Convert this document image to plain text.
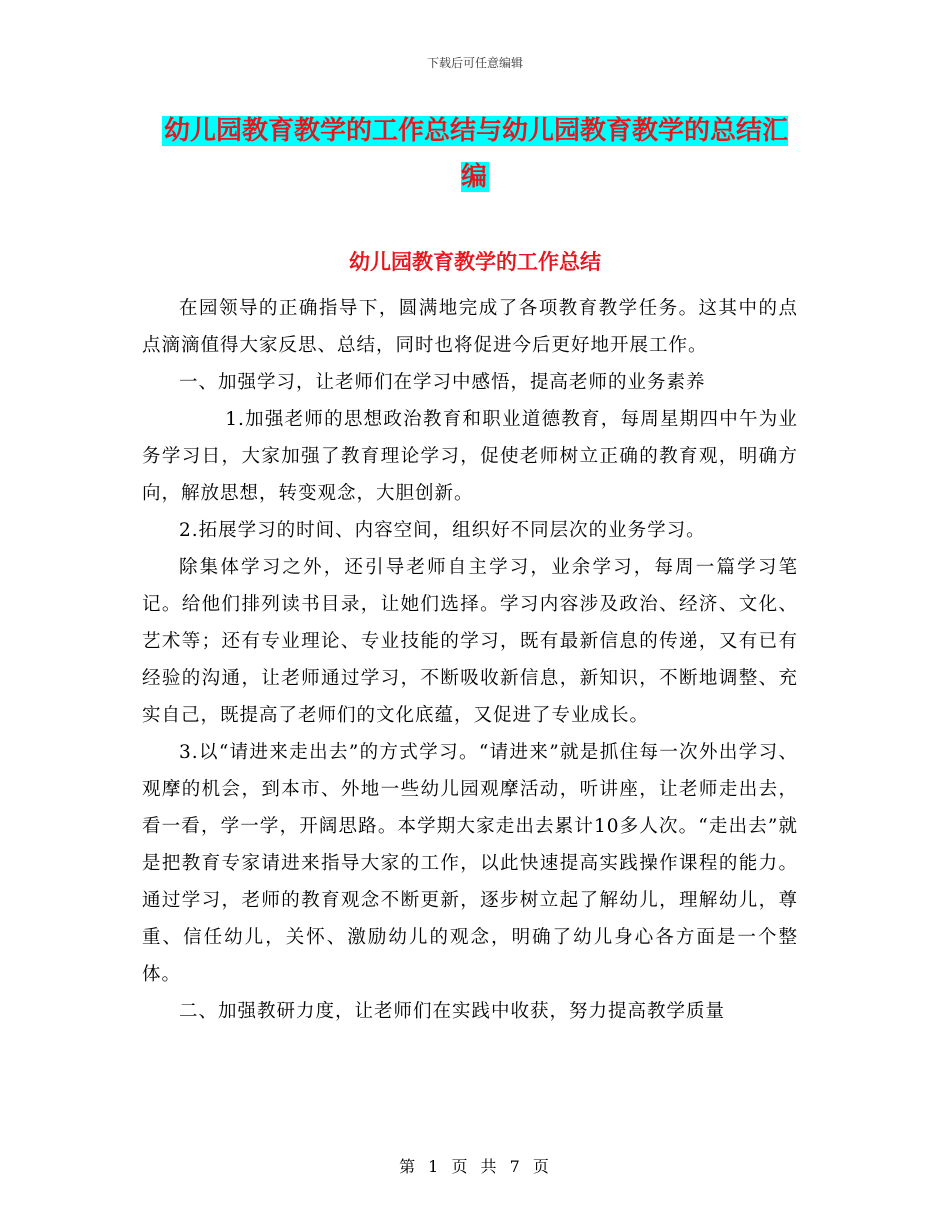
下载后可任意编辑
幼儿园教育教学的工作总结与幼儿园教育教学的总结汇编
幼儿园教育教学的工作总结

在园领导的正确指导下，圆满地完成了各项教育教学任务。这其中的点点滴滴值得大家反思、总结，同时也将促进今后更好地开展工作。

一、加强学习，让老师们在学习中感悟，提高老师的业务素养

1.加强老师的思想政治教育和职业道德教育，每周星期四中午为业务学习日，大家加强了教育理论学习，促使老师树立正确的教育观，明确方向，解放思想，转变观念，大胆创新。

2.拓展学习的时间、内容空间，组织好不同层次的业务学习。

除集体学习之外，还引导老师自主学习，业余学习，每周一篇学习笔记。给他们排列读书目录，让她们选择。学习内容涉及政治、经济、文化、艺术等；还有专业理论、专业技能的学习，既有最新信息的传递，又有已有经验的沟通，让老师通过学习，不断吸收新信息，新知识，不断地调整、充实自己，既提高了老师们的文化底蕴，又促进了专业成长。

3.以“请进来走出去”的方式学习。“请进来”就是抓住每一次外出学习、观摩的机会，到本市、外地一些幼儿园观摩活动，听讲座，让老师走出去，看一看，学一学，开阔思路。本学期大家走出去累计10多人次。“走出去”就是把教育专家请进来指导大家的工作，以此快速提高实践操作课程的能力。通过学习，老师的教育观念不断更新，逐步树立起了解幼儿，理解幼儿，尊重、信任幼儿，关怀、激励幼儿的观念，明确了幼儿身心各方面是一个整体。

二、加强教研力度，让老师们在实践中收获，努力提高教学质量

第 1 页 共 7 页
